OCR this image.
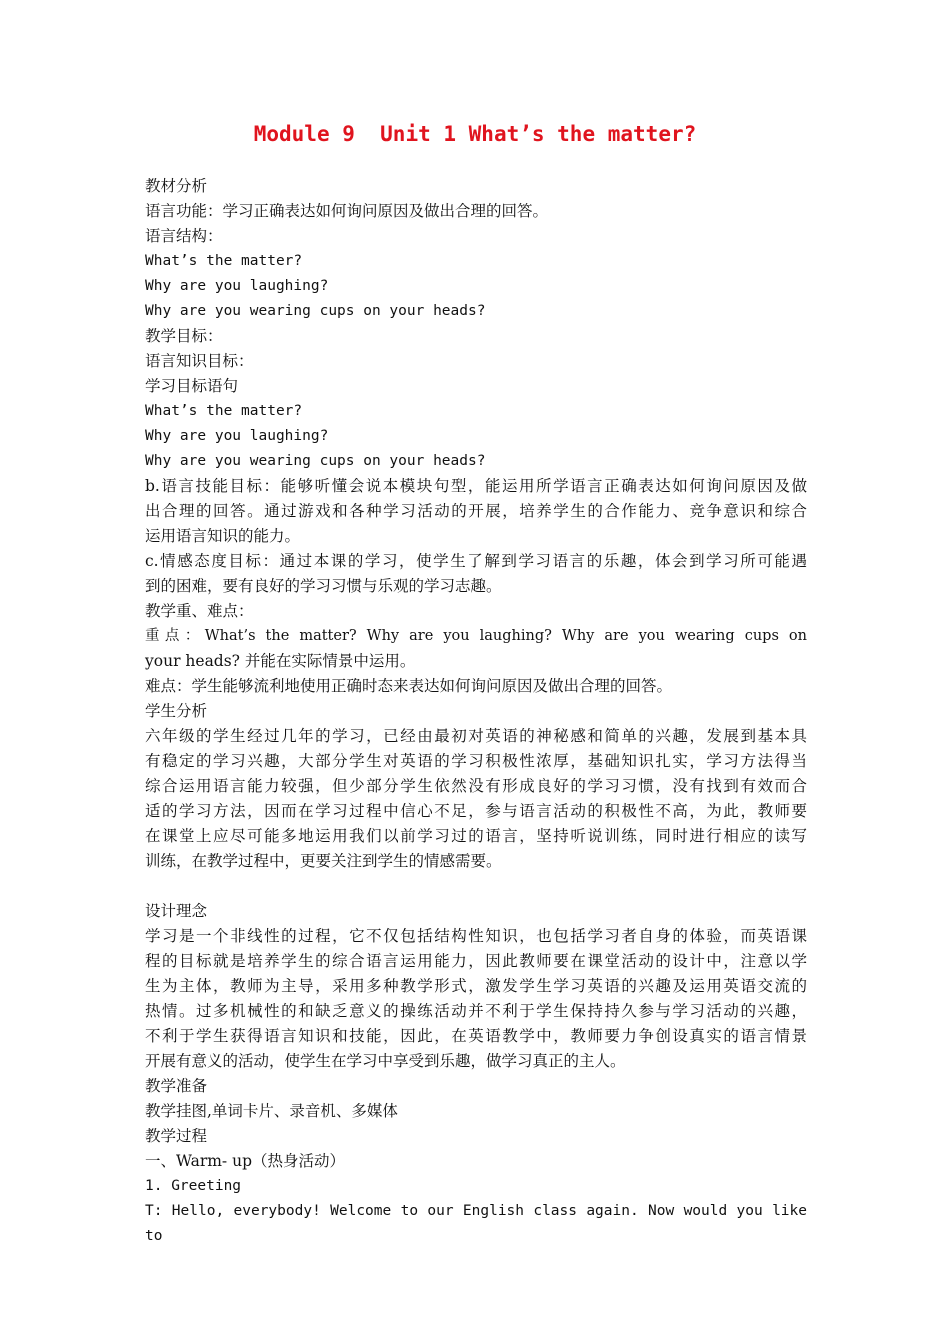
Module 9  Unit 1 What’s the matter?
教材分析
语言功能：学习正确表达如何询问原因及做出合理的回答。
语言结构：
What’s the matter?
Why are you laughing?
Why are you wearing cups on your heads?
教学目标：
语言知识目标：
学习目标语句
What’s the matter?
Why are you laughing?
Why are you wearing cups on your heads?
b.语言技能目标：能够听懂会说本模块句型，能运用所学语言正确表达如何询问原因及做
出合理的回答。通过游戏和各种学习活动的开展，培养学生的合作能力、竞争意识和综合
运用语言知识的能力。
c.情感态度目标：通过本课的学习，使学生了解到学习语言的乐趣，体会到学习所可能遇
到的困难，要有良好的学习习惯与乐观的学习志趣。
教学重、难点：
重点：What’s the matter? Why are you laughing? Why are you wearing cups on
your heads? 并能在实际情景中运用。
难点：学生能够流利地使用正确时态来表达如何询问原因及做出合理的回答。
学生分析
六年级的学生经过几年的学习，已经由最初对英语的神秘感和简单的兴趣，发展到基本具
有稳定的学习兴趣，大部分学生对英语的学习积极性浓厚，基础知识扎实，学习方法得当
综合运用语言能力较强，但少部分学生依然没有形成良好的学习习惯，没有找到有效而合
适的学习方法，因而在学习过程中信心不足，参与语言活动的积极性不高，为此，教师要
在课堂上应尽可能多地运用我们以前学习过的语言，坚持听说训练，同时进行相应的读写
训练，在教学过程中，更要关注到学生的情感需要。
设计理念
学习是一个非线性的过程，它不仅包括结构性知识，也包括学习者自身的体验，而英语课
程的目标就是培养学生的综合语言运用能力，因此教师要在课堂活动的设计中，注意以学
生为主体，教师为主导，采用多种教学形式，激发学生学习英语的兴趣及运用英语交流的
热情。过多机械性的和缺乏意义的操练活动并不利于学生保持持久参与学习活动的兴趣，
不利于学生获得语言知识和技能，因此，在英语教学中，教师要力争创设真实的语言情景
开展有意义的活动，使学生在学习中享受到乐趣，做学习真正的主人。
教学准备
教学挂图,单词卡片、录音机、多媒体
教学过程
一、Warm- up（热身活动）
1. Greeting
T: Hello, everybody! Welcome to our English class again. Now would you like to
